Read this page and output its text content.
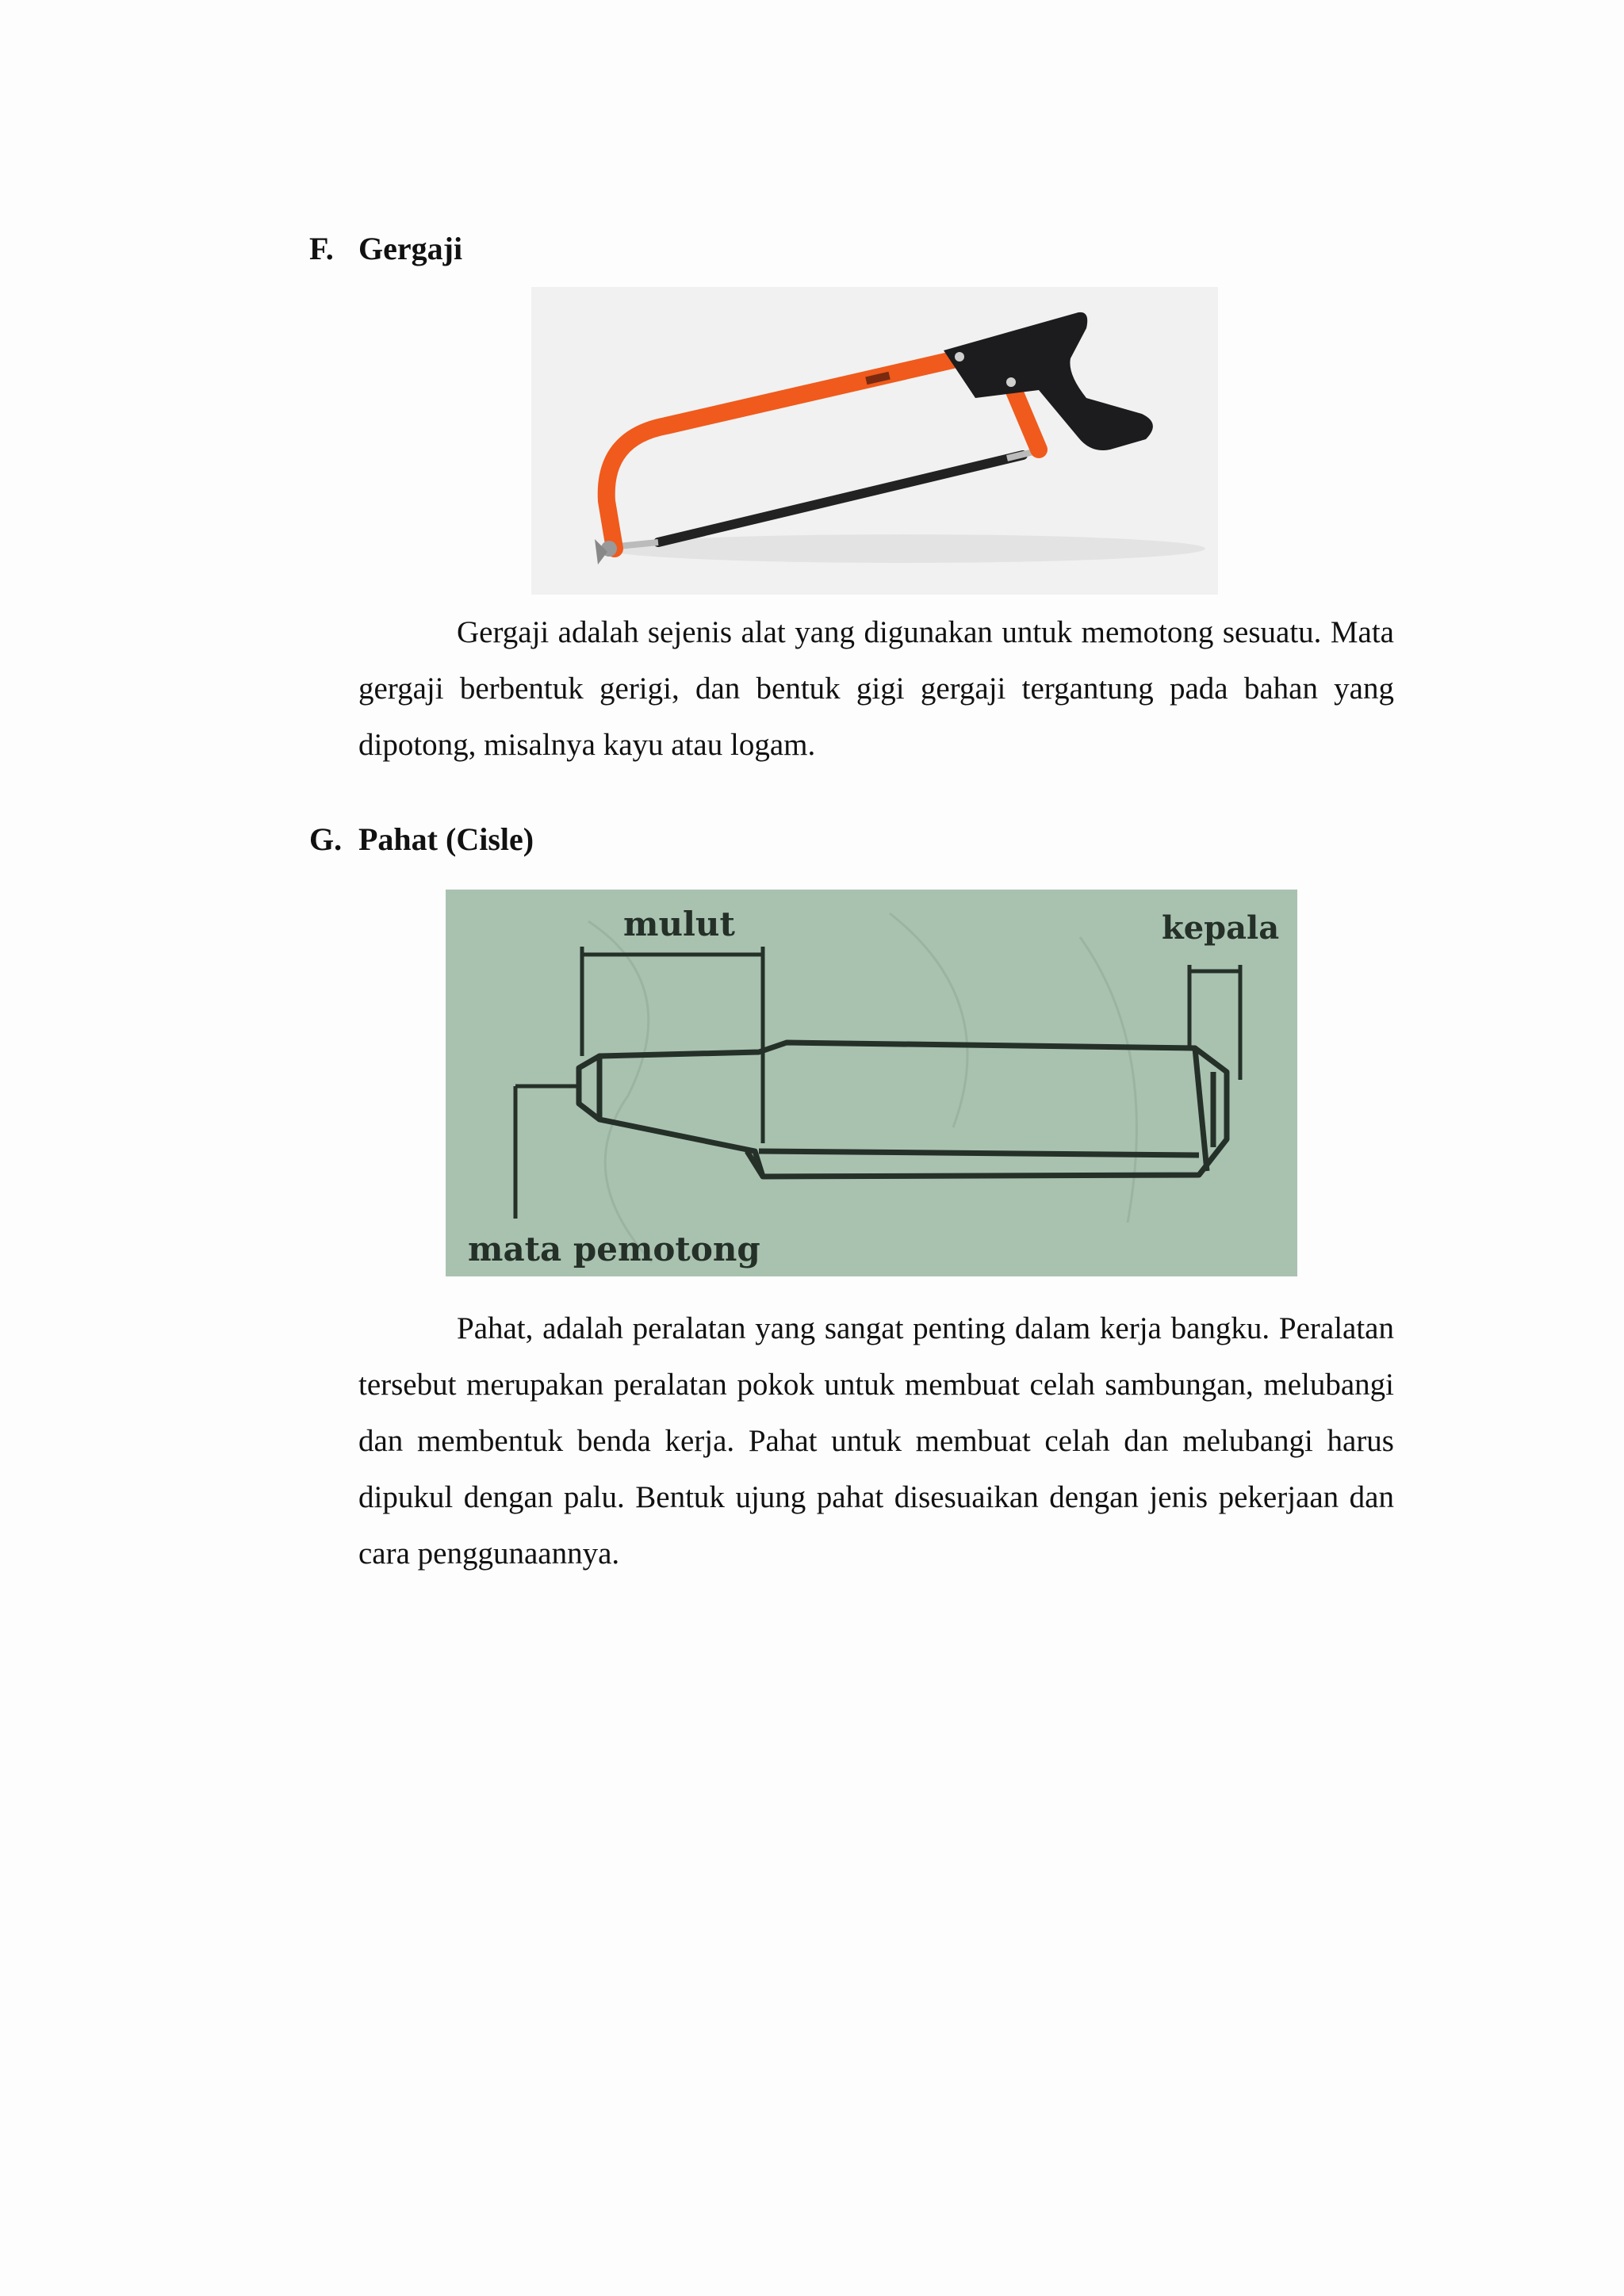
F. Gergaji

Gergaji adalah sejenis alat yang digunakan untuk memotong sesuatu. Mata gergaji berbentuk gerigi, dan bentuk gigi gergaji tergantung pada bahan yang dipotong, misalnya kayu atau logam.

G. Pahat (Cisle)
mulut	kepala
mata pemotong

Pahat, adalah peralatan yang sangat penting dalam kerja bangku. Peralatan tersebut merupakan peralatan pokok untuk membuat celah sambungan, melubangi dan membentuk benda kerja. Pahat untuk membuat celah dan melubangi harus dipukul dengan palu. Bentuk ujung pahat disesuaikan dengan jenis pekerjaan dan cara penggunaannya.
